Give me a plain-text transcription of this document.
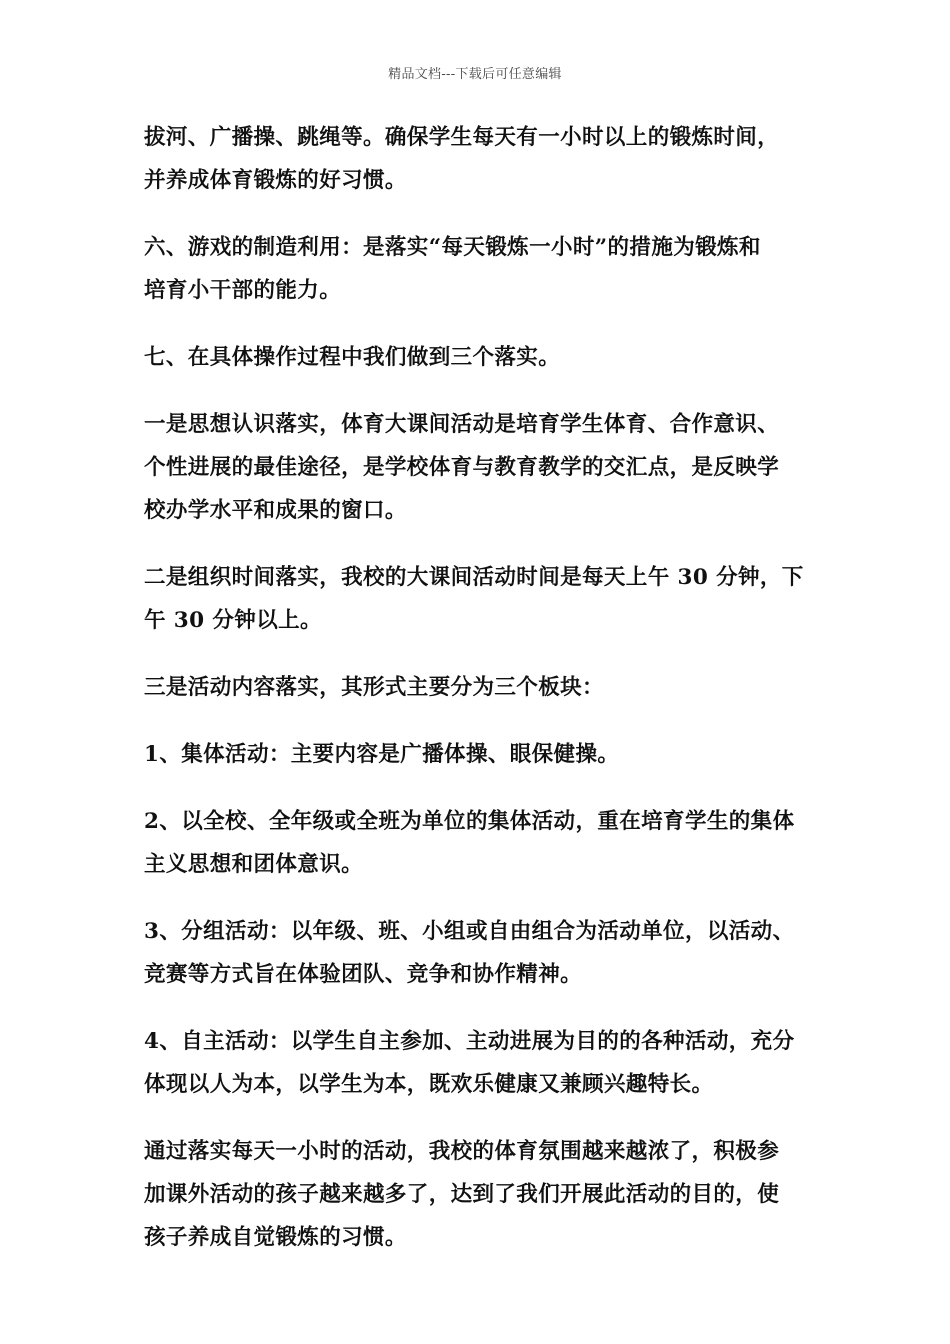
精品文档---下载后可任意编辑

拔河、广播操、跳绳等。确保学生每天有一小时以上的锻炼时间，
并养成体育锻炼的好习惯。

六、游戏的制造利用：是落实“每天锻炼一小时”的措施为锻炼和
培育小干部的能力。

七、在具体操作过程中我们做到三个落实。

一是思想认识落实，体育大课间活动是培育学生体育、合作意识、
个性进展的最佳途径，是学校体育与教育教学的交汇点，是反映学
校办学水平和成果的窗口。

二是组织时间落实，我校的大课间活动时间是每天上午 30 分钟，下
午 30 分钟以上。

三是活动内容落实，其形式主要分为三个板块：

1、集体活动：主要内容是广播体操、眼保健操。

2、以全校、全年级或全班为单位的集体活动，重在培育学生的集体
主义思想和团体意识。

3、分组活动：以年级、班、小组或自由组合为活动单位，以活动、
竞赛等方式旨在体验团队、竞争和协作精神。

4、自主活动：以学生自主参加、主动进展为目的的各种活动，充分
体现以人为本，以学生为本，既欢乐健康又兼顾兴趣特长。

通过落实每天一小时的活动，我校的体育氛围越来越浓了，积极参
加课外活动的孩子越来越多了，达到了我们开展此活动的目的，使
孩子养成自觉锻炼的习惯。
